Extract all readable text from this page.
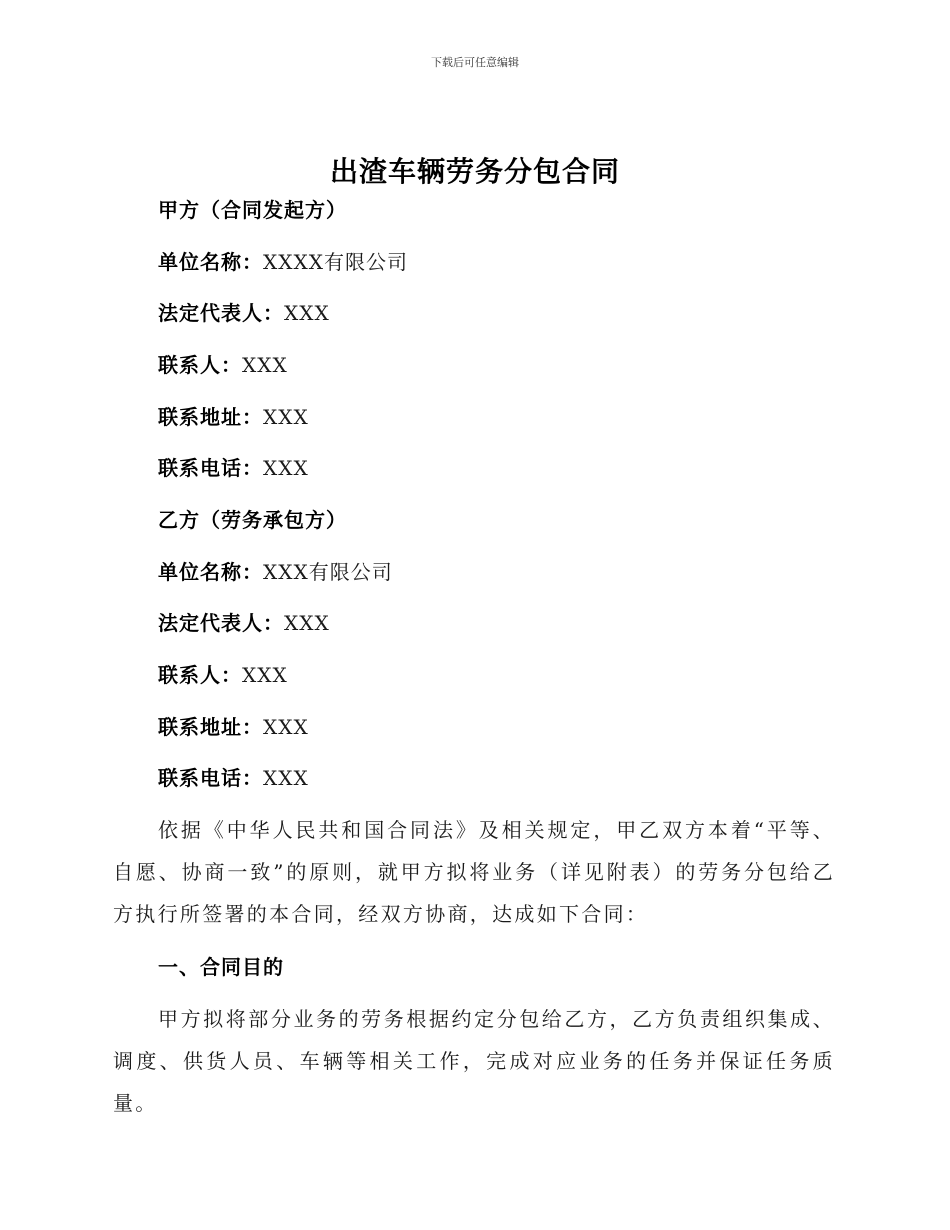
下载后可任意编辑
出渣车辆劳务分包合同
甲方（合同发起方）
单位名称：XXXX有限公司
法定代表人：XXX
联系人：XXX
联系地址：XXX
联系电话：XXX
乙方（劳务承包方）
单位名称：XXX有限公司
法定代表人：XXX
联系人：XXX
联系地址：XXX
联系电话：XXX
依据《中华人民共和国合同法》及相关规定，甲乙双方本着“平等、自愿、协商一致”的原则，就甲方拟将业务（详见附表）的劳务分包给乙方执行所签署的本合同，经双方协商，达成如下合同：
一、合同目的
甲方拟将部分业务的劳务根据约定分包给乙方，乙方负责组织集成、调度、供货人员、车辆等相关工作，完成对应业务的任务并保证任务质量。
